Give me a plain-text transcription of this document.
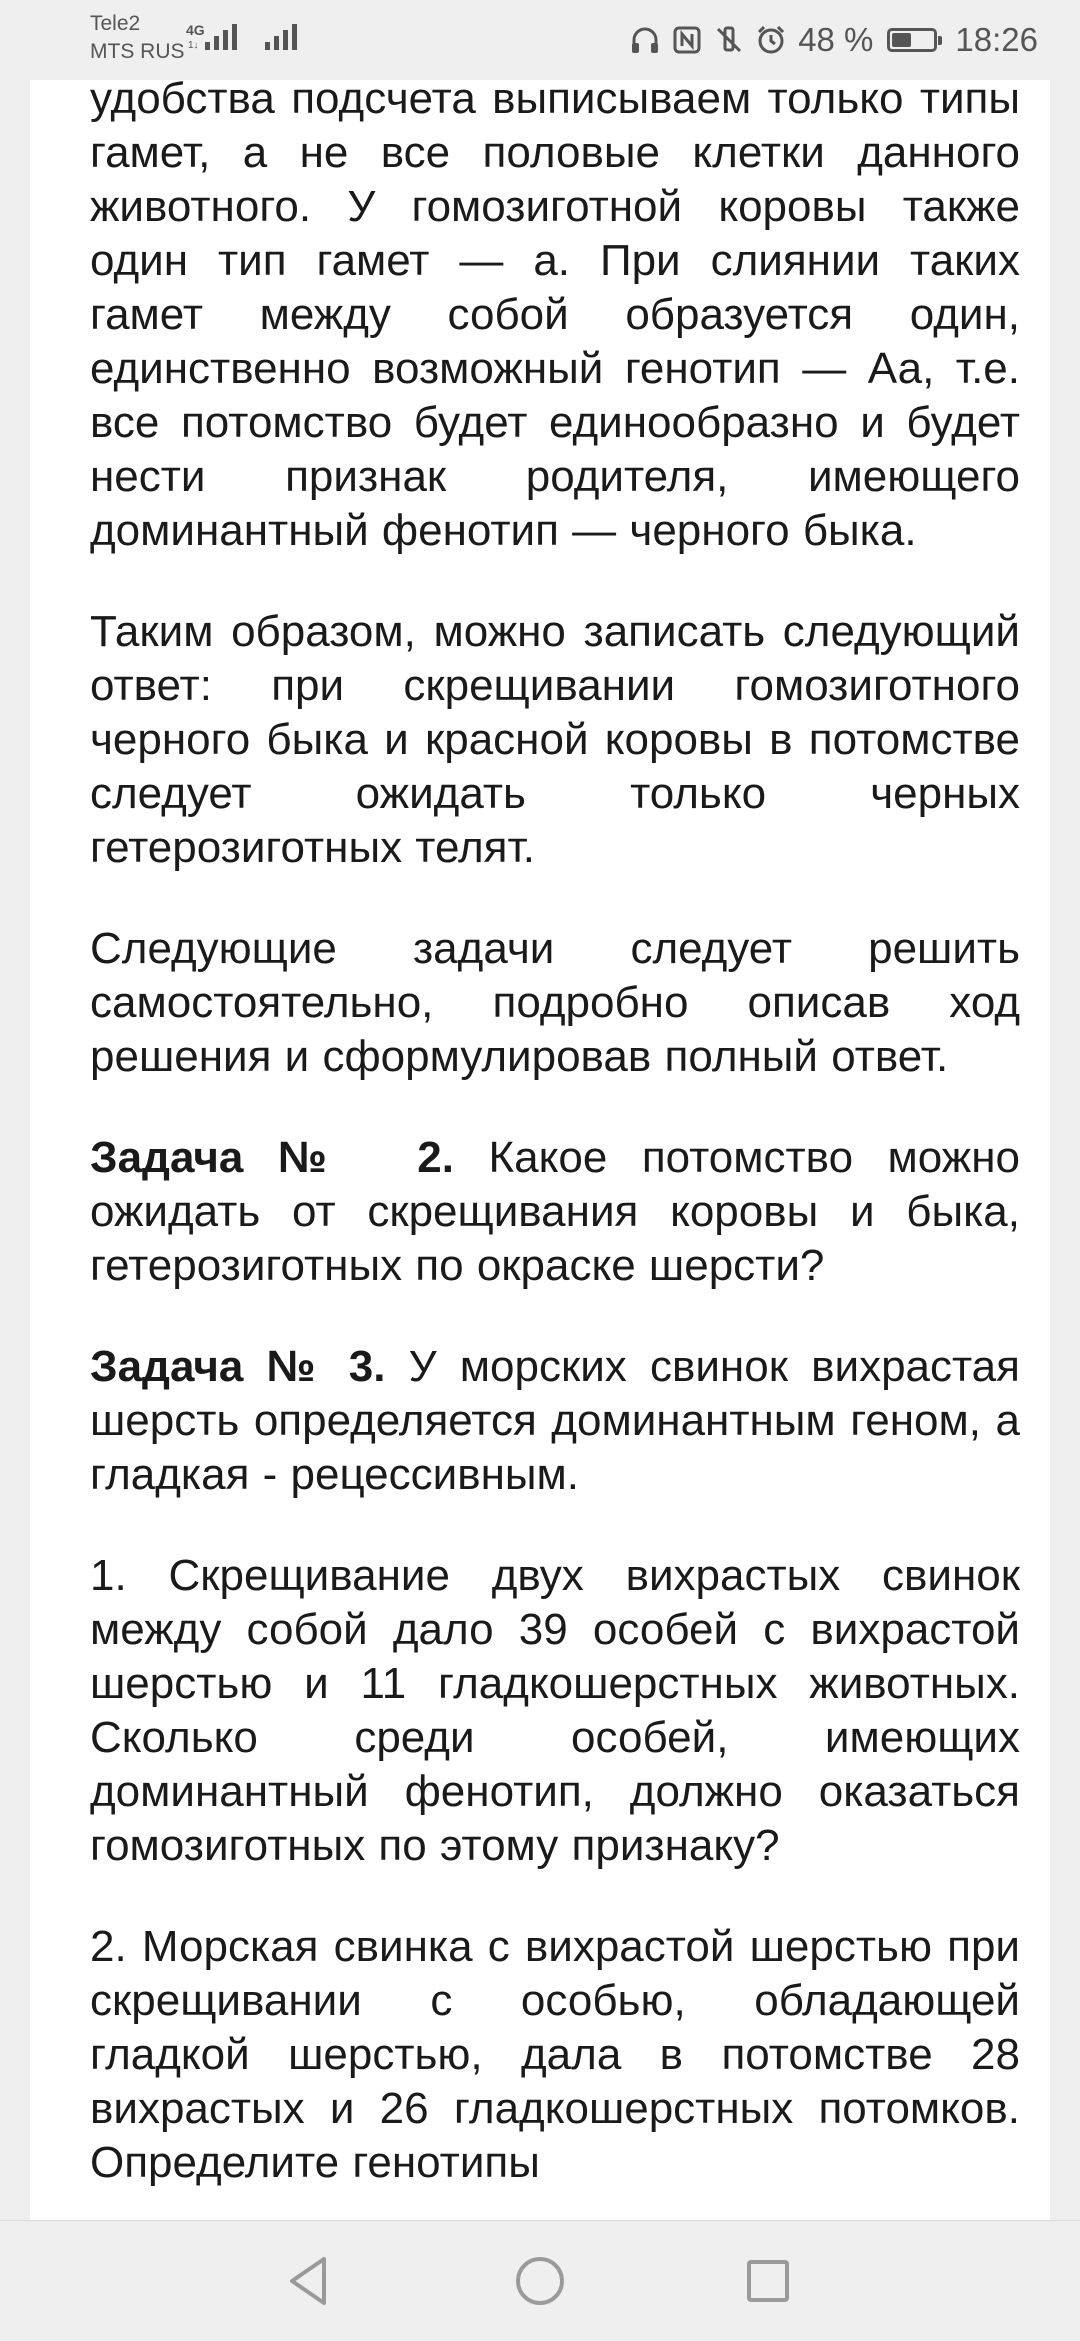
Tele2
MTS RUS
4G
1↓	48 % 18:26

удобства подсчета выписываем только типы гамет, а не все половые клетки данного животного. У гомозиготной коровы также один тип гамет — а. При слиянии таких гамет между собой образуется один, единственно возможный генотип — Аа, т.е. все потомство будет единообразно и будет нести признак родителя, имеющего доминантный фенотип — черного быка.

Таким образом, можно записать следующий ответ: при скрещивании гомозиготного черного быка и красной коровы в потомстве следует ожидать только черных гетерозиготных телят.

Следующие задачи следует решить самостоятельно, подробно описав ход решения и сформулировав полный ответ.

Задача №  2. Какое потомство можно ожидать от скрещивания коровы и быка, гетерозиготных по окраске шерсти?

Задача № 3. У морских свинок вихрастая шерсть определяется доминантным геном, а гладкая - рецессивным.

1. Скрещивание двух вихрастых свинок между собой дало 39 особей с вихрастой шерстью и 11 гладкошерстных животных. Сколько среди особей, имеющих доминантный фенотип, должно оказаться гомозиготных по этому признаку?

2. Морская свинка с вихрастой шерстью при скрещивании с особью, обладающей гладкой шерстью, дала в потомстве 28 вихрастых и 26 гладкошерстных потомков. Определите генотипы
